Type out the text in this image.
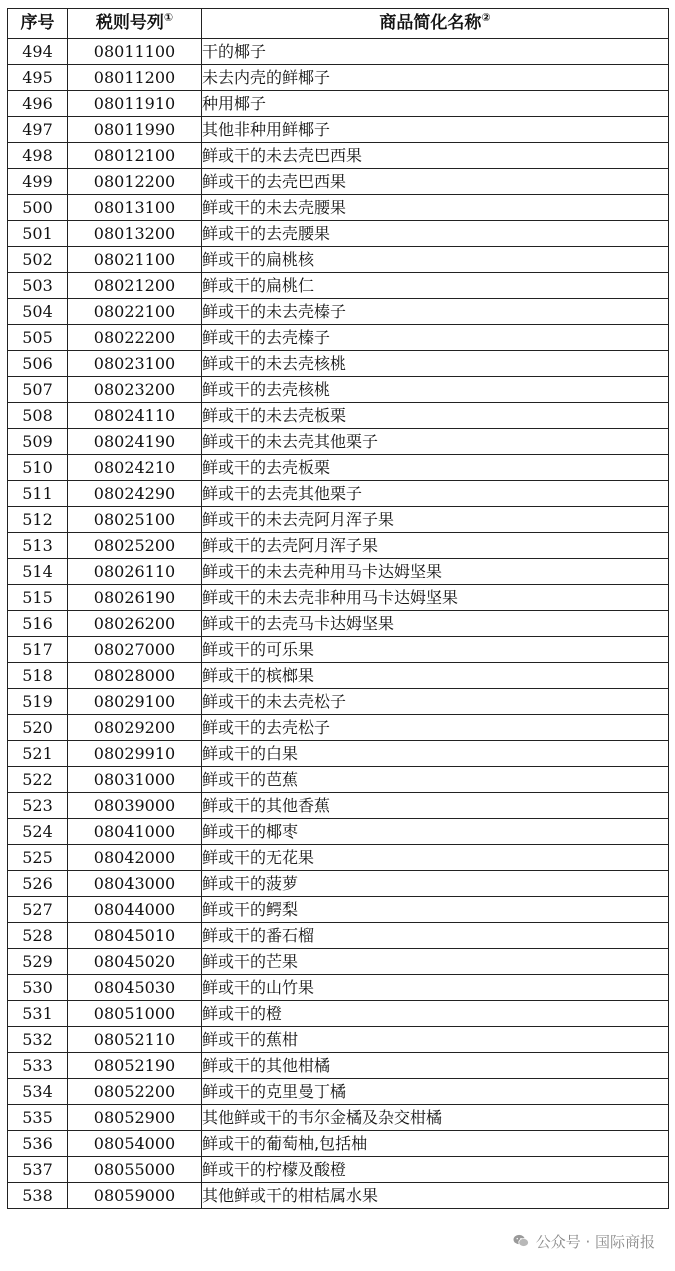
序号	税则号列①	商品简化名称②
494	08011100	干的椰子
495	08011200	未去内壳的鲜椰子
496	08011910	种用椰子
497	08011990	其他非种用鲜椰子
498	08012100	鲜或干的未去壳巴西果
499	08012200	鲜或干的去壳巴西果
500	08013100	鲜或干的未去壳腰果
501	08013200	鲜或干的去壳腰果
502	08021100	鲜或干的扁桃核
503	08021200	鲜或干的扁桃仁
504	08022100	鲜或干的未去壳榛子
505	08022200	鲜或干的去壳榛子
506	08023100	鲜或干的未去壳核桃
507	08023200	鲜或干的去壳核桃
508	08024110	鲜或干的未去壳板栗
509	08024190	鲜或干的未去壳其他栗子
510	08024210	鲜或干的去壳板栗
511	08024290	鲜或干的去壳其他栗子
512	08025100	鲜或干的未去壳阿月浑子果
513	08025200	鲜或干的去壳阿月浑子果
514	08026110	鲜或干的未去壳种用马卡达姆坚果
515	08026190	鲜或干的未去壳非种用马卡达姆坚果
516	08026200	鲜或干的去壳马卡达姆坚果
517	08027000	鲜或干的可乐果
518	08028000	鲜或干的槟榔果
519	08029100	鲜或干的未去壳松子
520	08029200	鲜或干的去壳松子
521	08029910	鲜或干的白果
522	08031000	鲜或干的芭蕉
523	08039000	鲜或干的其他香蕉
524	08041000	鲜或干的椰枣
525	08042000	鲜或干的无花果
526	08043000	鲜或干的菠萝
527	08044000	鲜或干的鳄梨
528	08045010	鲜或干的番石榴
529	08045020	鲜或干的芒果
530	08045030	鲜或干的山竹果
531	08051000	鲜或干的橙
532	08052110	鲜或干的蕉柑
533	08052190	鲜或干的其他柑橘
534	08052200	鲜或干的克里曼丁橘
535	08052900	其他鲜或干的韦尔金橘及杂交柑橘
536	08054000	鲜或干的葡萄柚,包括柚
537	08055000	鲜或干的柠檬及酸橙
538	08059000	其他鲜或干的柑桔属水果
公众号 · 国际商报
